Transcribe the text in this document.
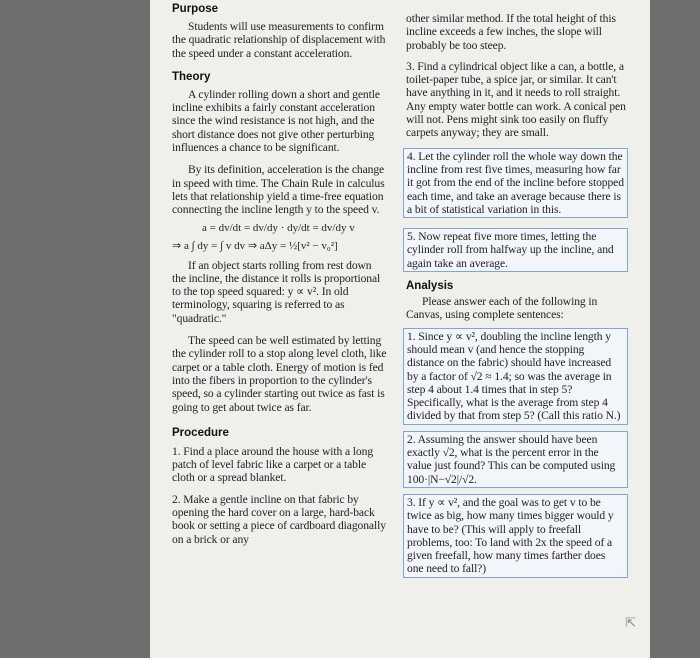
Purpose

Students will use measurements to confirm the quadratic relationship of displacement with the speed under a constant acceleration.

Theory

A cylinder rolling down a short and gentle incline exhibits a fairly constant acceleration since the wind resistance is not high, and the short distance does not give other perturbing influences a chance to be significant.

By its definition, acceleration is the change in speed with time. The Chain Rule in calculus lets that relationship yield a time-free equation connecting the incline length y to the speed v.

a = dv/dt = dv/dy · dy/dt = dv/dy v
⇒ a ∫ dy = ∫ v dv ⇒ aΔy = ½[v² − v₀²]

If an object starts rolling from rest down the incline, the distance it rolls is proportional to the top speed squared: y ∝ v². In old terminology, squaring is referred to as "quadratic."

The speed can be well estimated by letting the cylinder roll to a stop along level cloth, like carpet or a table cloth. Energy of motion is fed into the fibers in proportion to the cylinder's speed, so a cylinder starting out twice as fast is going to get about twice as far.

Procedure

1. Find a place around the house with a long patch of level fabric like a carpet or a table cloth or a spread blanket.

2. Make a gentle incline on that fabric by opening the hard cover on a large, hard-back book or setting a piece of cardboard diagonally on a brick or any

other similar method. If the total height of this incline exceeds a few inches, the slope will probably be too steep.

3. Find a cylindrical object like a can, a bottle, a toilet-paper tube, a spice jar, or similar. It can't have anything in it, and it needs to roll straight. Any empty water bottle can work. A conical pen will not. Pens might sink too easily on fluffy carpets anyway; they are small.

4. Let the cylinder roll the whole way down the incline from rest five times, measuring how far it got from the end of the incline before stopped each time, and take an average because there is a bit of statistical variation in this.

5. Now repeat five more times, letting the cylinder roll from halfway up the incline, and again take an average.

Analysis

Please answer each of the following in Canvas, using complete sentences:

1. Since y ∝ v², doubling the incline length y should mean v (and hence the stopping distance on the fabric) should have increased by a factor of √2 ≈ 1.4; so was the average in step 4 about 1.4 times that in step 5? Specifically, what is the average from step 4 divided by that from step 5? (Call this ratio N.)

2. Assuming the answer should have been exactly √2, what is the percent error in the value just found? This can be computed using 100·|N−√2|/√2.

3. If y ∝ v², and the goal was to get v to be twice as big, how many times bigger would y have to be? (This will apply to freefall problems, too: To land with 2x the speed of a given freefall, how many times farther does one need to fall?)

⇱
